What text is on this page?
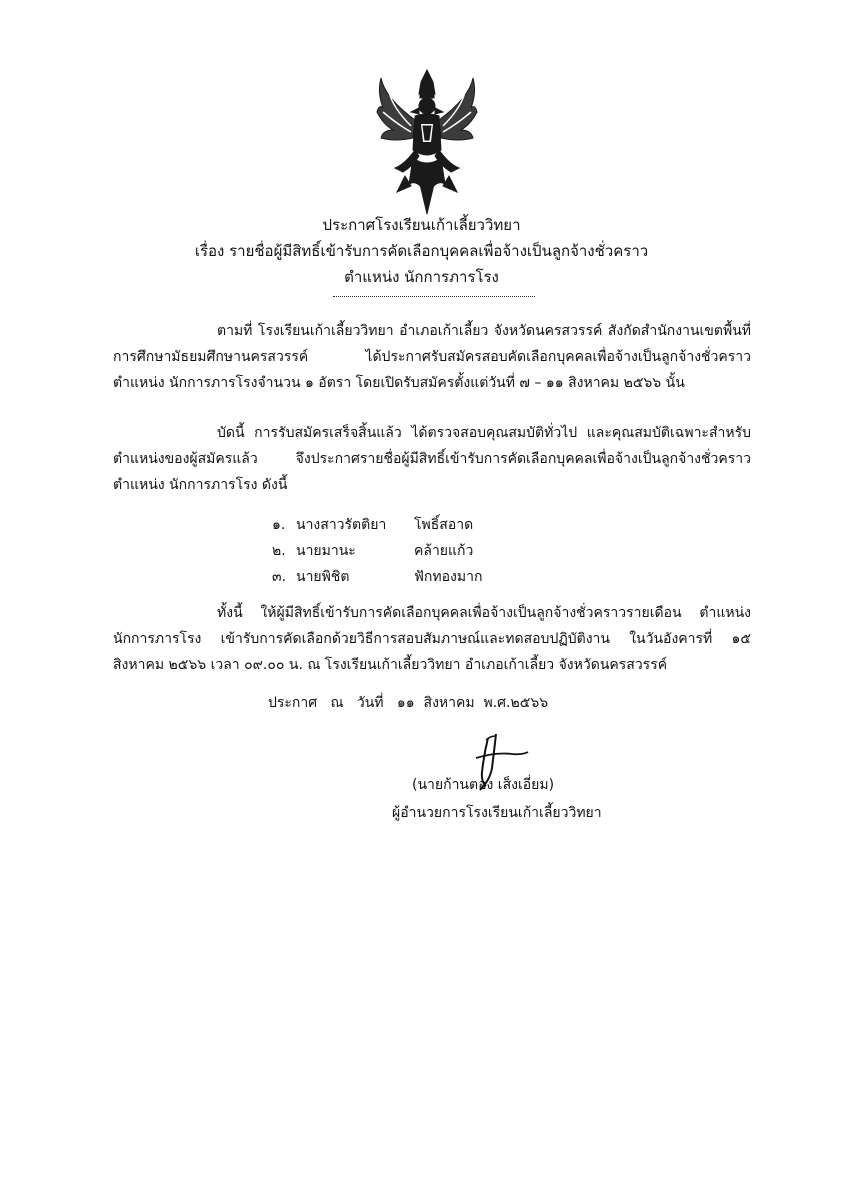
ประกาศโรงเรียนเก้าเลี้ยววิทยา
เรื่อง รายชื่อผู้มีสิทธิ์เข้ารับการคัดเลือกบุคคลเพื่อจ้างเป็นลูกจ้างชั่วคราว
ตำแหน่ง นักการภารโรง
ตามที่ โรงเรียนเก้าเลี้ยววิทยา อำเภอเก้าเลี้ยว จังหวัดนครสวรรค์ สังกัดสำนักงานเขตพื้นที่การศึกษามัธยมศึกษานครสวรรค์ ได้ประกาศรับสมัครสอบคัดเลือกบุคคลเพื่อจ้างเป็นลูกจ้างชั่วคราว ตำแหน่ง นักการภารโรงจำนวน ๑ อัตรา โดยเปิดรับสมัครตั้งแต่วันที่ ๗ – ๑๑ สิงหาคม ๒๕๖๖ นั้น
บัดนี้ การรับสมัครเสร็จสิ้นแล้ว ได้ตรวจสอบคุณสมบัติทั่วไป และคุณสมบัติเฉพาะสำหรับตำแหน่งของผู้สมัครแล้ว จึงประกาศรายชื่อผู้มีสิทธิ์เข้ารับการคัดเลือกบุคคลเพื่อจ้างเป็นลูกจ้างชั่วคราว ตำแหน่ง นักการภารโรง ดังนี้
๑. นางสาวรัตติยา	โพธิ์สอาด
๒. นายมานะ	คล้ายแก้ว
๓. นายพิชิต	ฟักทองมาก
ทั้งนี้ ให้ผู้มีสิทธิ์เข้ารับการคัดเลือกบุคคลเพื่อจ้างเป็นลูกจ้างชั่วคราวรายเดือน ตำแหน่ง นักการภารโรง เข้ารับการคัดเลือกด้วยวิธีการสอบสัมภาษณ์และทดสอบปฏิบัติงาน ในวันอังคารที่ ๑๕ สิงหาคม ๒๕๖๖ เวลา ๐๙.๐๐ น. ณ โรงเรียนเก้าเลี้ยววิทยา อำเภอเก้าเลี้ยว จังหวัดนครสวรรค์
ประกาศ   ณ   วันที่   ๑๑  สิงหาคม  พ.ศ.๒๕๖๖
(นายก้านตอง เส็งเอี่ยม)
ผู้อำนวยการโรงเรียนเก้าเลี้ยววิทยา
